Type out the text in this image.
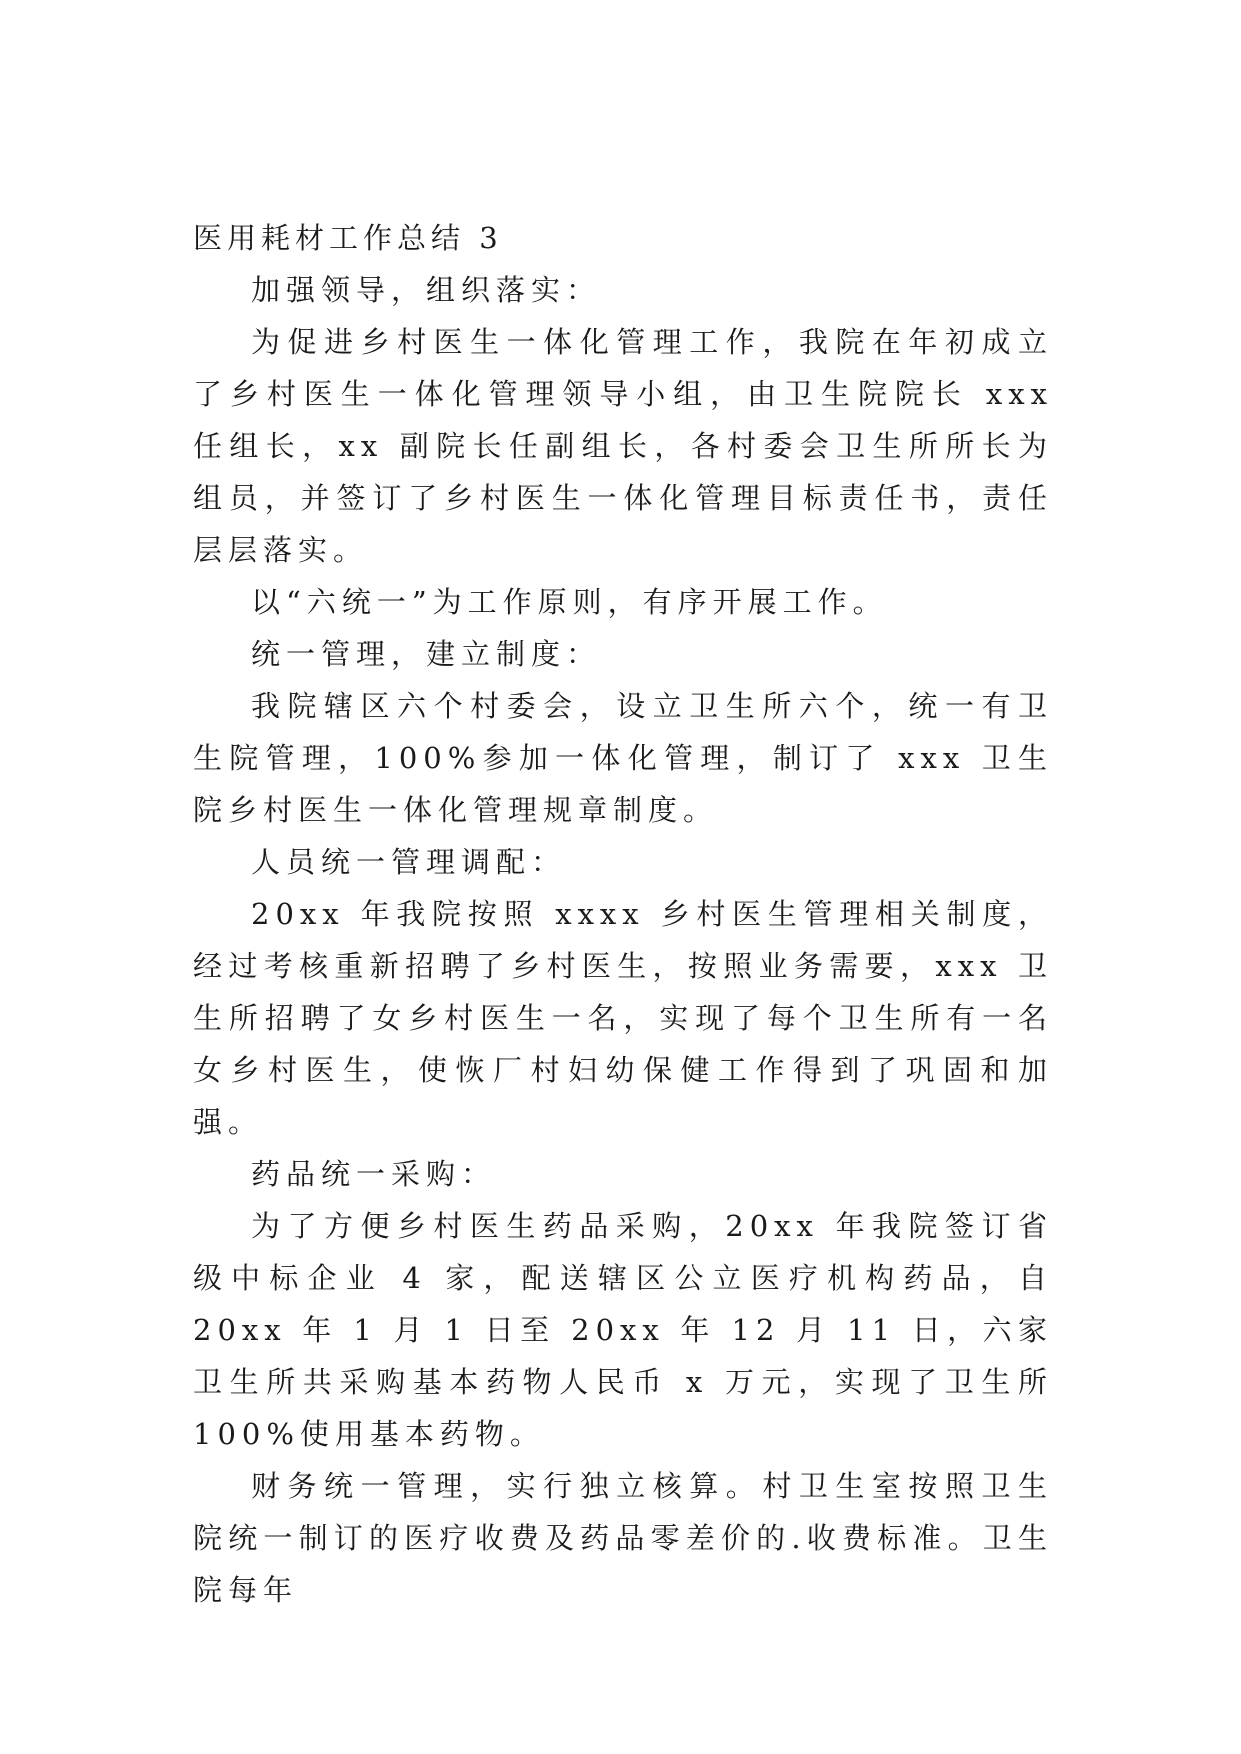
医用耗材工作总结 3

加强领导，组织落实：

为促进乡村医生一体化管理工作，我院在年初成立了乡村医生一体化管理领导小组，由卫生院院长 xxx 任组长，xx 副院长任副组长，各村委会卫生所所长为组员，并签订了乡村医生一体化管理目标责任书，责任层层落实。

以“六统一”为工作原则，有序开展工作。

统一管理，建立制度：

我院辖区六个村委会，设立卫生所六个，统一有卫生院管理，100%参加一体化管理，制订了 xxx 卫生院乡村医生一体化管理规章制度。

人员统一管理调配：

20xx 年我院按照 xxxx 乡村医生管理相关制度，经过考核重新招聘了乡村医生，按照业务需要，xxx 卫生所招聘了女乡村医生一名，实现了每个卫生所有一名女乡村医生，使恢厂村妇幼保健工作得到了巩固和加强。

药品统一采购：

为了方便乡村医生药品采购，20xx 年我院签订省级中标企业 4 家，配送辖区公立医疗机构药品，自 20xx 年 1 月 1 日至 20xx 年 12 月 11 日，六家卫生所共采购基本药物人民币 x 万元，实现了卫生所 100%使用基本药物。

财务统一管理，实行独立核算。村卫生室按照卫生院统一制订的医疗收费及药品零差价的.收费标准。卫生院每年
